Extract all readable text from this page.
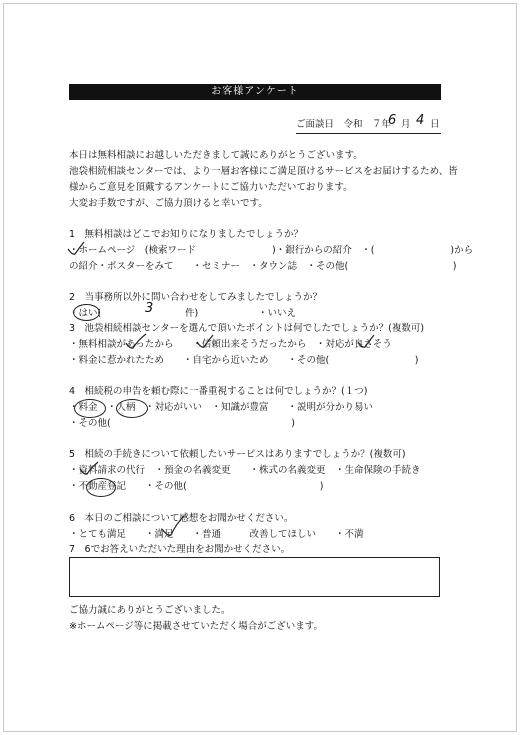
お客様アンケート
ご面談日　令和　７年
6 月 4 日
本日は無料相談にお越しいただきまして誠にありがとうございます。
池袋相続相談センターでは、より一層お客様にご満足頂けるサービスをお届けするため、皆
様からご意見を頂戴するアンケートにご協力いただいております。
大変お手数ですが、ご協力頂けると幸いです。
1　無料相談はどこでお知りになりましたでしょうか？
・ホームページ　(検索ワード　　　　　　　　)・銀行からの紹介　・(　　　　　　　　)から
の紹介・ポスターをみて　　・セミナー　・タウン誌　・その他(　　　　　　　　　　　)
2　当事務所以外に問い合わせをしてみましたでしょうか？
・はい(	3	件)	・いいえ
3　池袋相続相談センターを選んで頂いたポイントは何でしたでしょうか？(複数可)
・無料相談があったから　　・信頼出来そうだったから　・対応が良さそう
・料金に惹かれたため　　・自宅から近いため　　・その他(　　　　　　　　　)
4　相続税の申告を頼む際に一番重視することは何でしょうか？(１つ)
・料金　・人柄　・対応がいい　・知識が豊富　　・説明が分かり易い
・その他(　　　　　　　　　　　　　　　　　　　)
5　相続の手続きについて依頼したいサービスはありますでしょうか？(複数可)
・資料請求の代行　・預金の名義変更　　・株式の名義変更　・生命保険の手続き
・不動産登記　　・その他(　　　　　　　　　　　　　　)
6　本日のご相談について感想をお聞かせください。
・とても満足　　・満足　　・普通　　　改善してほしい　　・不満
7　6でお答えいただいた理由をお聞かせください。
ご協力誠にありがとうございました。
※ホームページ等に掲載させていただく場合がございます。
